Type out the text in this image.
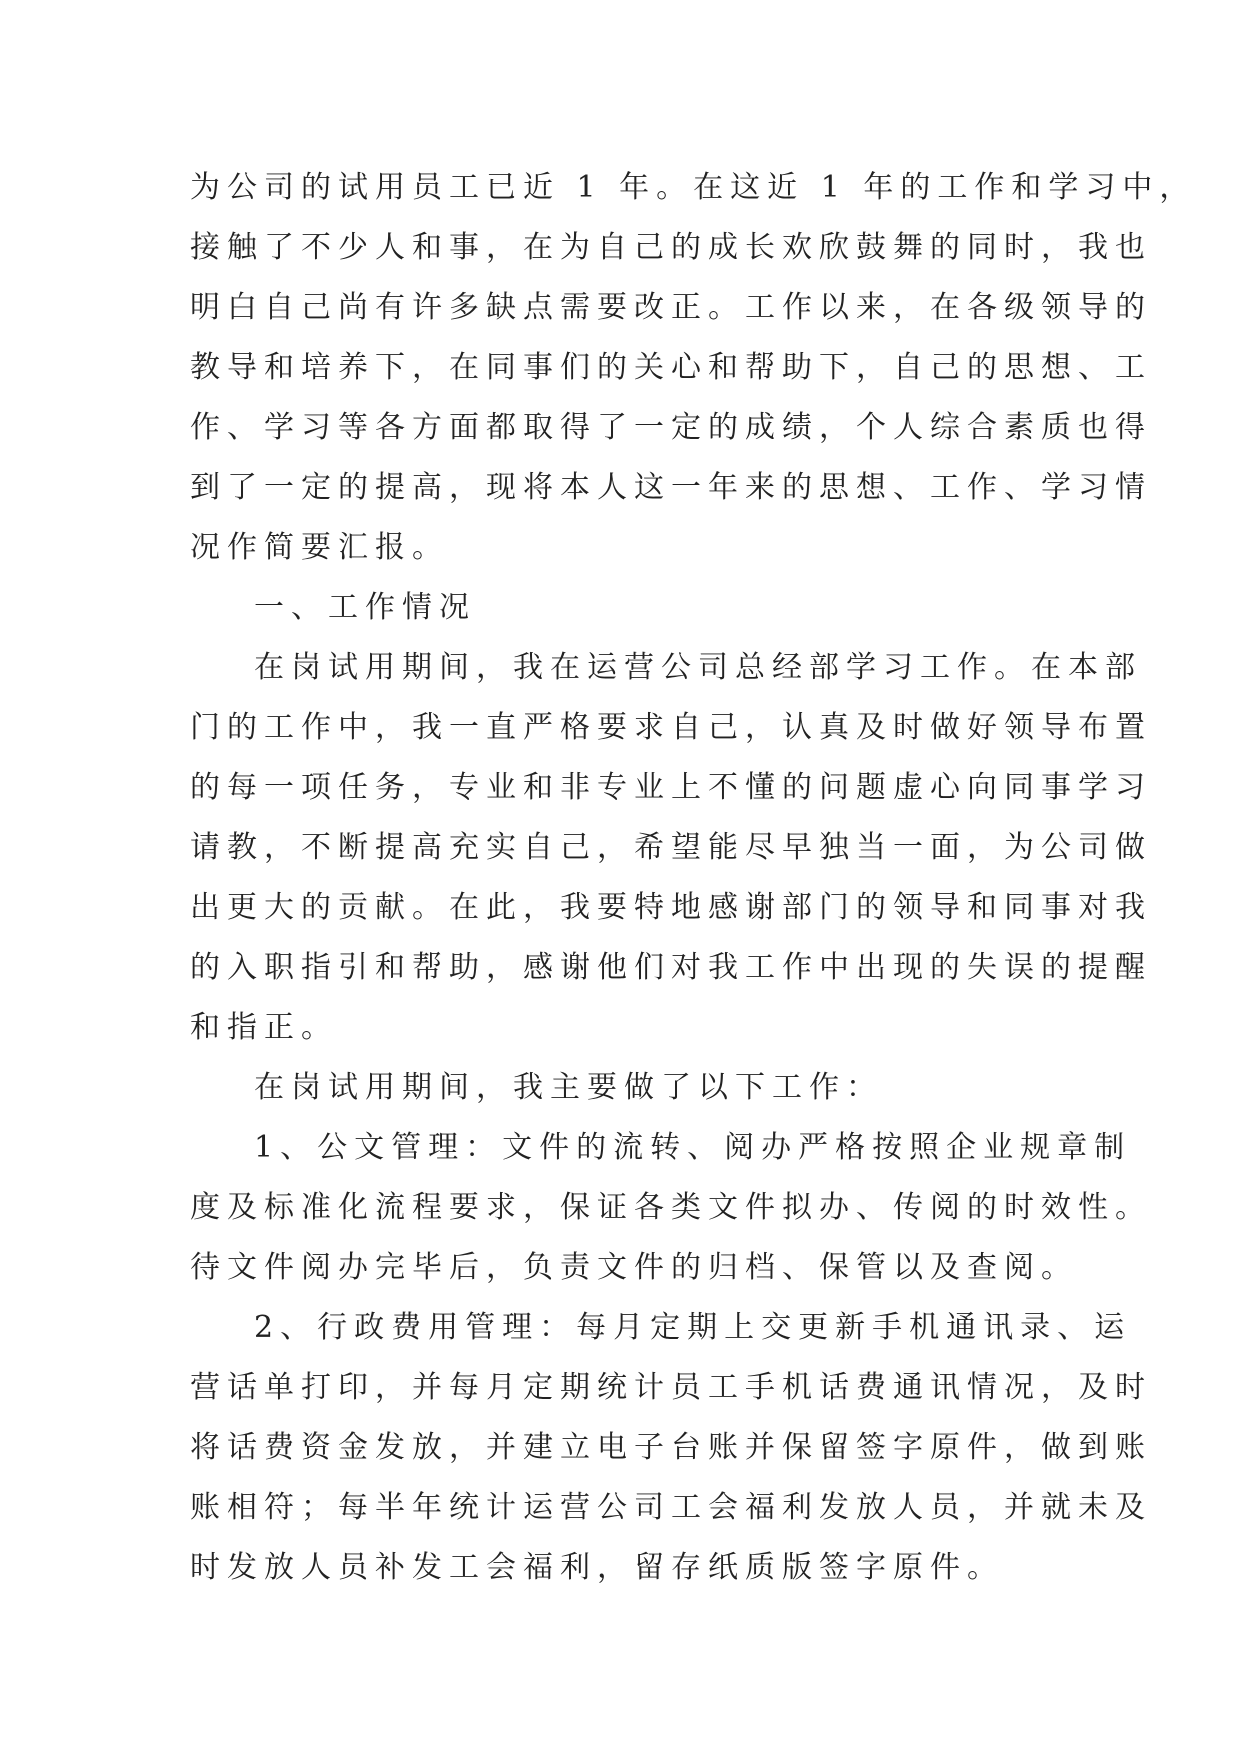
为公司的试用员工已近 1 年。在这近 1 年的工作和学习中，
接触了不少人和事，在为自己的成长欢欣鼓舞的同时，我也
明白自己尚有许多缺点需要改正。工作以来，在各级领导的
教导和培养下，在同事们的关心和帮助下，自己的思想、工
作、学习等各方面都取得了一定的成绩，个人综合素质也得
到了一定的提高，现将本人这一年来的思想、工作、学习情
况作简要汇报。
一、工作情况
在岗试用期间，我在运营公司总经部学习工作。在本部
门的工作中，我一直严格要求自己，认真及时做好领导布置
的每一项任务，专业和非专业上不懂的问题虚心向同事学习
请教，不断提高充实自己，希望能尽早独当一面，为公司做
出更大的贡献。在此，我要特地感谢部门的领导和同事对我
的入职指引和帮助，感谢他们对我工作中出现的失误的提醒
和指正。
在岗试用期间，我主要做了以下工作：
1、公文管理：文件的流转、阅办严格按照企业规章制
度及标准化流程要求，保证各类文件拟办、传阅的时效性。
待文件阅办完毕后，负责文件的归档、保管以及查阅。
2、行政费用管理：每月定期上交更新手机通讯录、运
营话单打印，并每月定期统计员工手机话费通讯情况，及时
将话费资金发放，并建立电子台账并保留签字原件，做到账
账相符；每半年统计运营公司工会福利发放人员，并就未及
时发放人员补发工会福利，留存纸质版签字原件。
